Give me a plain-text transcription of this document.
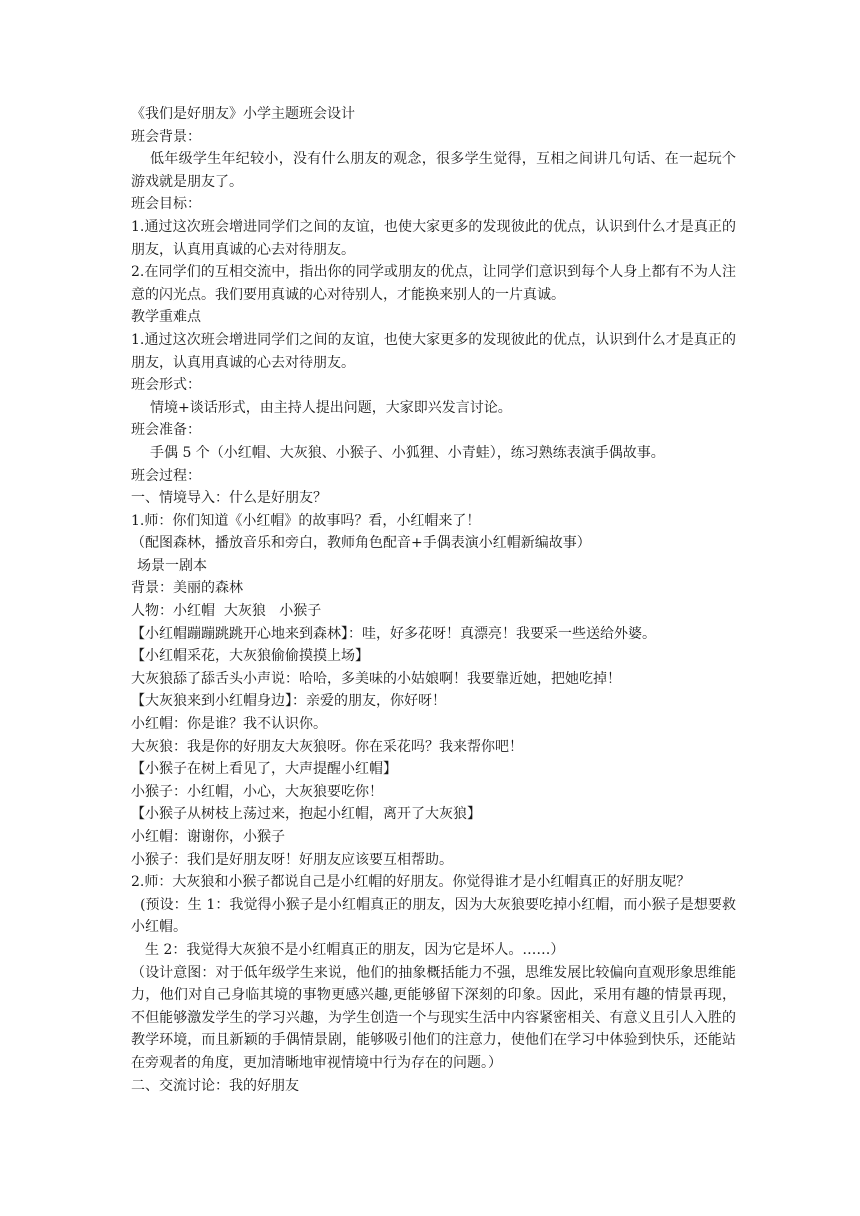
《我们是好朋友》小学主题班会设计

班会背景：

低年级学生年纪较小，没有什么朋友的观念，很多学生觉得，互相之间讲几句话、在一起玩个游戏就是朋友了。

班会目标：

1.通过这次班会增进同学们之间的友谊，也使大家更多的发现彼此的优点，认识到什么才是真正的朋友，认真用真诚的心去对待朋友。

2.在同学们的互相交流中，指出你的同学或朋友的优点，让同学们意识到每个人身上都有不为人注意的闪光点。我们要用真诚的心对待别人，才能换来别人的一片真诚。

教学重难点

1.通过这次班会增进同学们之间的友谊，也使大家更多的发现彼此的优点，认识到什么才是真正的朋友，认真用真诚的心去对待朋友。

班会形式：

情境+谈话形式，由主持人提出问题，大家即兴发言讨论。

班会准备：

手偶 5 个（小红帽、大灰狼、小猴子、小狐狸、小青蛙），练习熟练表演手偶故事。

班会过程：

一、情境导入：什么是好朋友？

1.师：你们知道《小红帽》的故事吗？看，小红帽来了！

（配图森林，播放音乐和旁白，教师角色配音+手偶表演小红帽新编故事）

场景一剧本

背景：美丽的森林

人物：小红帽  大灰狼   小猴子

【小红帽蹦蹦跳跳开心地来到森林】：哇，好多花呀！真漂亮！我要采一些送给外婆。

【小红帽采花，大灰狼偷偷摸摸上场】

大灰狼舔了舔舌头小声说：哈哈，多美味的小姑娘啊！我要靠近她，把她吃掉！

【大灰狼来到小红帽身边】：亲爱的朋友，你好呀！

小红帽：你是谁？我不认识你。

大灰狼：我是你的好朋友大灰狼呀。你在采花吗？我来帮你吧！

【小猴子在树上看见了，大声提醒小红帽】

小猴子：小红帽，小心，大灰狼要吃你！

【小猴子从树枝上荡过来，抱起小红帽，离开了大灰狼】

小红帽：谢谢你，小猴子

小猴子：我们是好朋友呀！好朋友应该要互相帮助。

2.师：大灰狼和小猴子都说自己是小红帽的好朋友。你觉得谁才是小红帽真正的好朋友呢？

(预设：生 1：我觉得小猴子是小红帽真正的朋友，因为大灰狼要吃掉小红帽，而小猴子是想要救小红帽。

生 2：我觉得大灰狼不是小红帽真正的朋友，因为它是坏人。……）

（设计意图：对于低年级学生来说，他们的抽象概括能力不强，思维发展比较偏向直观形象思维能力，他们对自己身临其境的事物更感兴趣,更能够留下深刻的印象。因此，采用有趣的情景再现，不但能够激发学生的学习兴趣，为学生创造一个与现实生活中内容紧密相关、有意义且引人入胜的教学环境，而且新颖的手偶情景剧，能够吸引他们的注意力，使他们在学习中体验到快乐，还能站在旁观者的角度，更加清晰地审视情境中行为存在的问题。）

二、交流讨论：我的好朋友
